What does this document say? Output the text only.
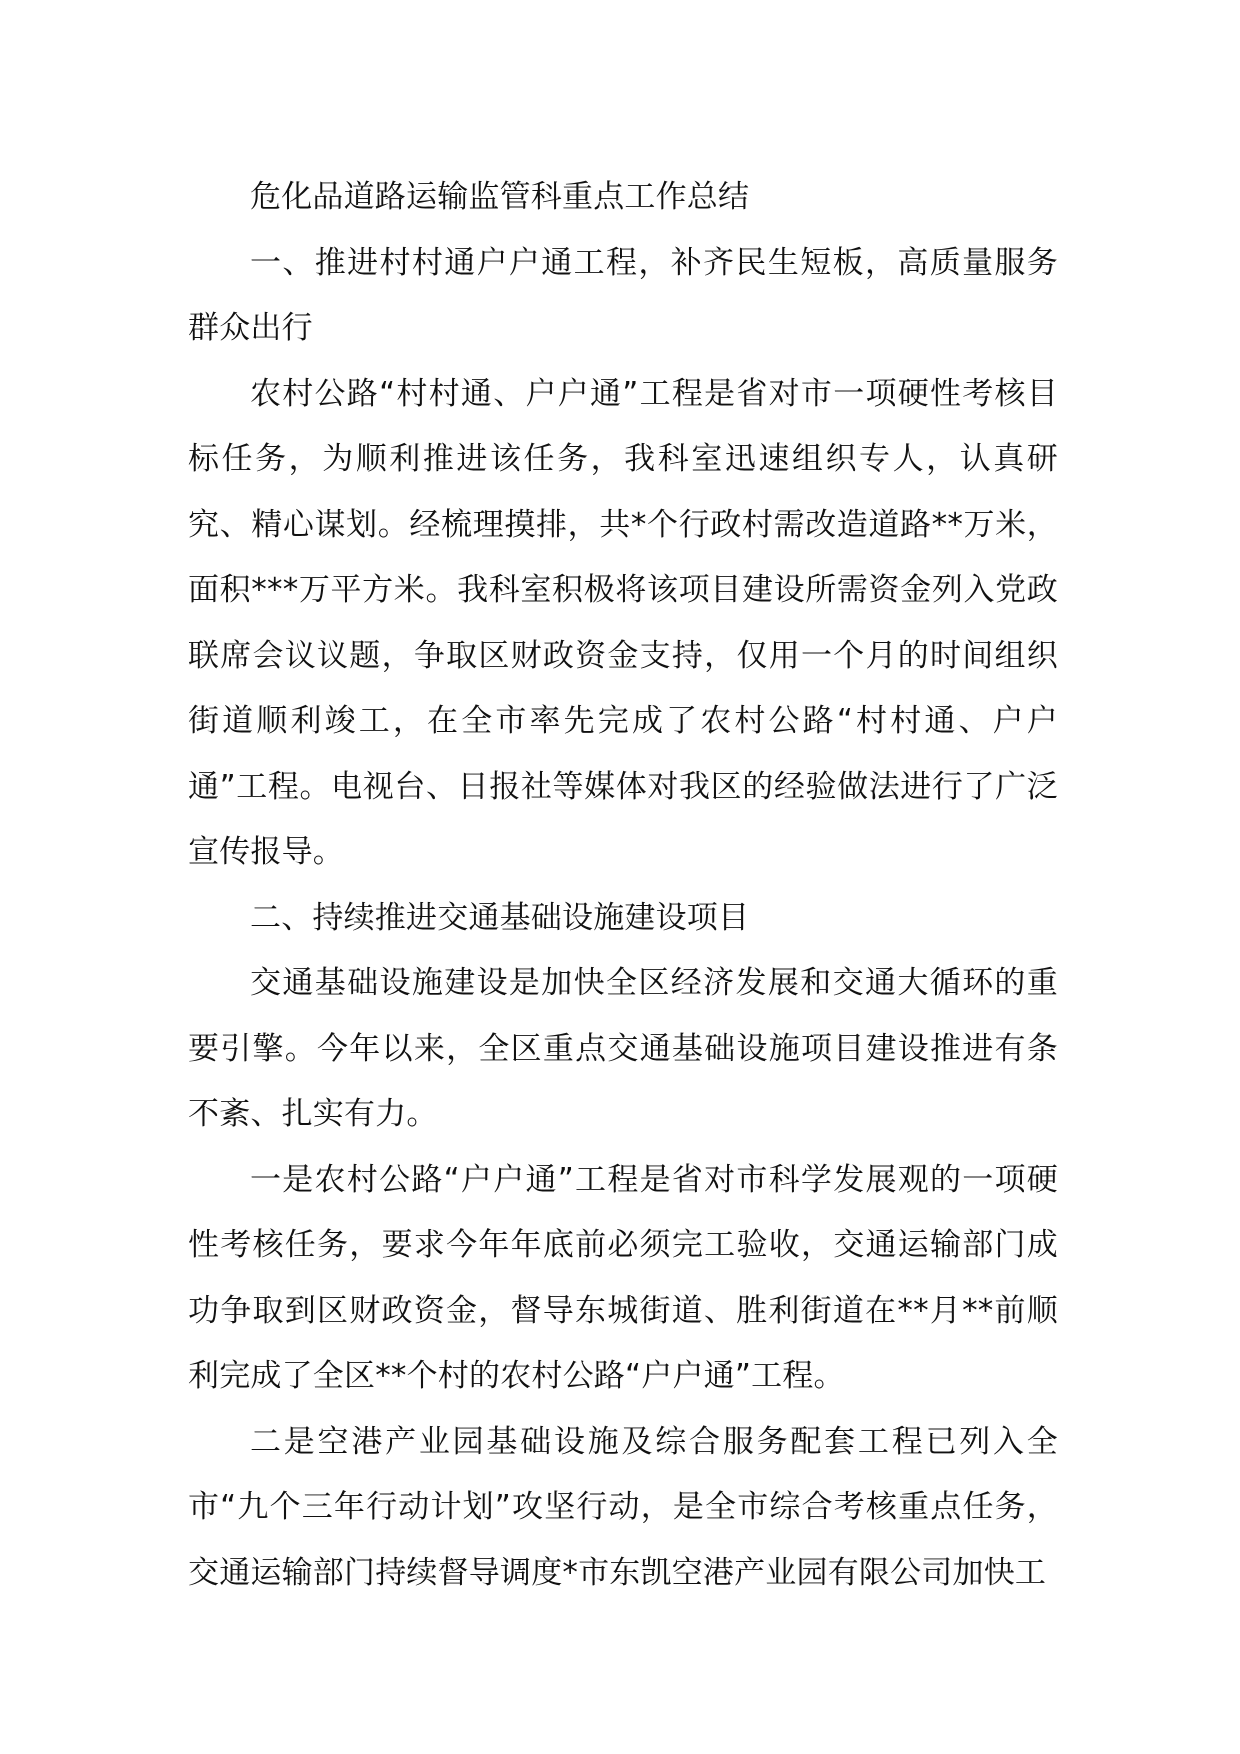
危化品道路运输监管科重点工作总结

一、推进村村通户户通工程，补齐民生短板，高质量服务群众出行

农村公路“村村通、户户通”工程是省对市一项硬性考核目标任务，为顺利推进该任务，我科室迅速组织专人，认真研究、精心谋划。经梳理摸排，共*个行政村需改造道路**万米，面积***万平方米。我科室积极将该项目建设所需资金列入党政联席会议议题，争取区财政资金支持，仅用一个月的时间组织街道顺利竣工，在全市率先完成了农村公路“村村通、户户通”工程。电视台、日报社等媒体对我区的经验做法进行了广泛宣传报导。

二、持续推进交通基础设施建设项目

交通基础设施建设是加快全区经济发展和交通大循环的重要引擎。今年以来，全区重点交通基础设施项目建设推进有条不紊、扎实有力。

一是农村公路“户户通”工程是省对市科学发展观的一项硬性考核任务，要求今年年底前必须完工验收，交通运输部门成功争取到区财政资金，督导东城街道、胜利街道在**月**前顺利完成了全区**个村的农村公路“户户通”工程。

二是空港产业园基础设施及综合服务配套工程已列入全市“九个三年行动计划”攻坚行动，是全市综合考核重点任务，交通运输部门持续督导调度*市东凯空港产业园有限公司加快工
